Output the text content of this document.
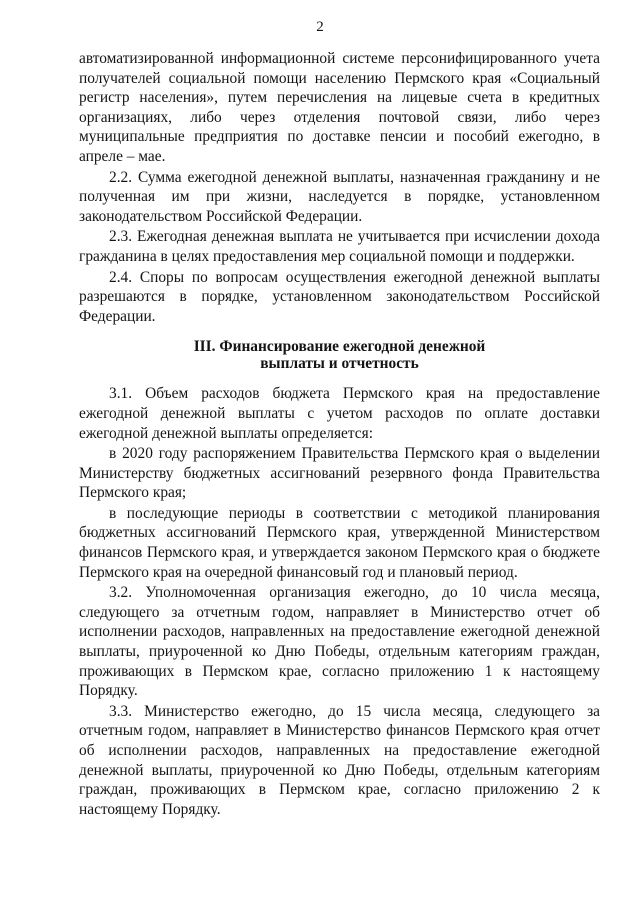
2

автоматизированной информационной системе персонифицированного учета получателей социальной помощи населению Пермского края «Социальный регистр населения», путем перечисления на лицевые счета в кредитных организациях, либо через отделения почтовой связи, либо через муниципальные предприятия по доставке пенсии и пособий ежегодно, в апреле – мае.

2.2. Сумма ежегодной денежной выплаты, назначенная гражданину и не полученная им при жизни, наследуется в порядке, установленном законодательством Российской Федерации.

2.3. Ежегодная денежная выплата не учитывается при исчислении дохода гражданина в целях предоставления мер социальной помощи и поддержки.

2.4. Споры по вопросам осуществления ежегодной денежной выплаты разрешаются в порядке, установленном законодательством Российской Федерации.

III. Финансирование ежегодной денежной
выплаты и отчетность

3.1. Объем расходов бюджета Пермского края на предоставление ежегодной денежной выплаты с учетом расходов по оплате доставки ежегодной денежной выплаты определяется:

в 2020 году распоряжением Правительства Пермского края о выделении Министерству бюджетных ассигнований резервного фонда Правительства Пермского края;

в последующие периоды в соответствии с методикой планирования бюджетных ассигнований Пермского края, утвержденной Министерством финансов Пермского края, и утверждается законом Пермского края о бюджете Пермского края на очередной финансовый год и плановый период.

3.2. Уполномоченная организация ежегодно, до 10 числа месяца, следующего за отчетным годом, направляет в Министерство отчет об исполнении расходов, направленных на предоставление ежегодной денежной выплаты, приуроченной ко Дню Победы, отдельным категориям граждан, проживающих в Пермском крае, согласно приложению 1 к настоящему Порядку.

3.3. Министерство ежегодно, до 15 числа месяца, следующего за отчетным годом, направляет в Министерство финансов Пермского края отчет об исполнении расходов, направленных на предоставление ежегодной денежной выплаты, приуроченной ко Дню Победы, отдельным категориям граждан, проживающих в Пермском крае, согласно приложению 2 к настоящему Порядку.
